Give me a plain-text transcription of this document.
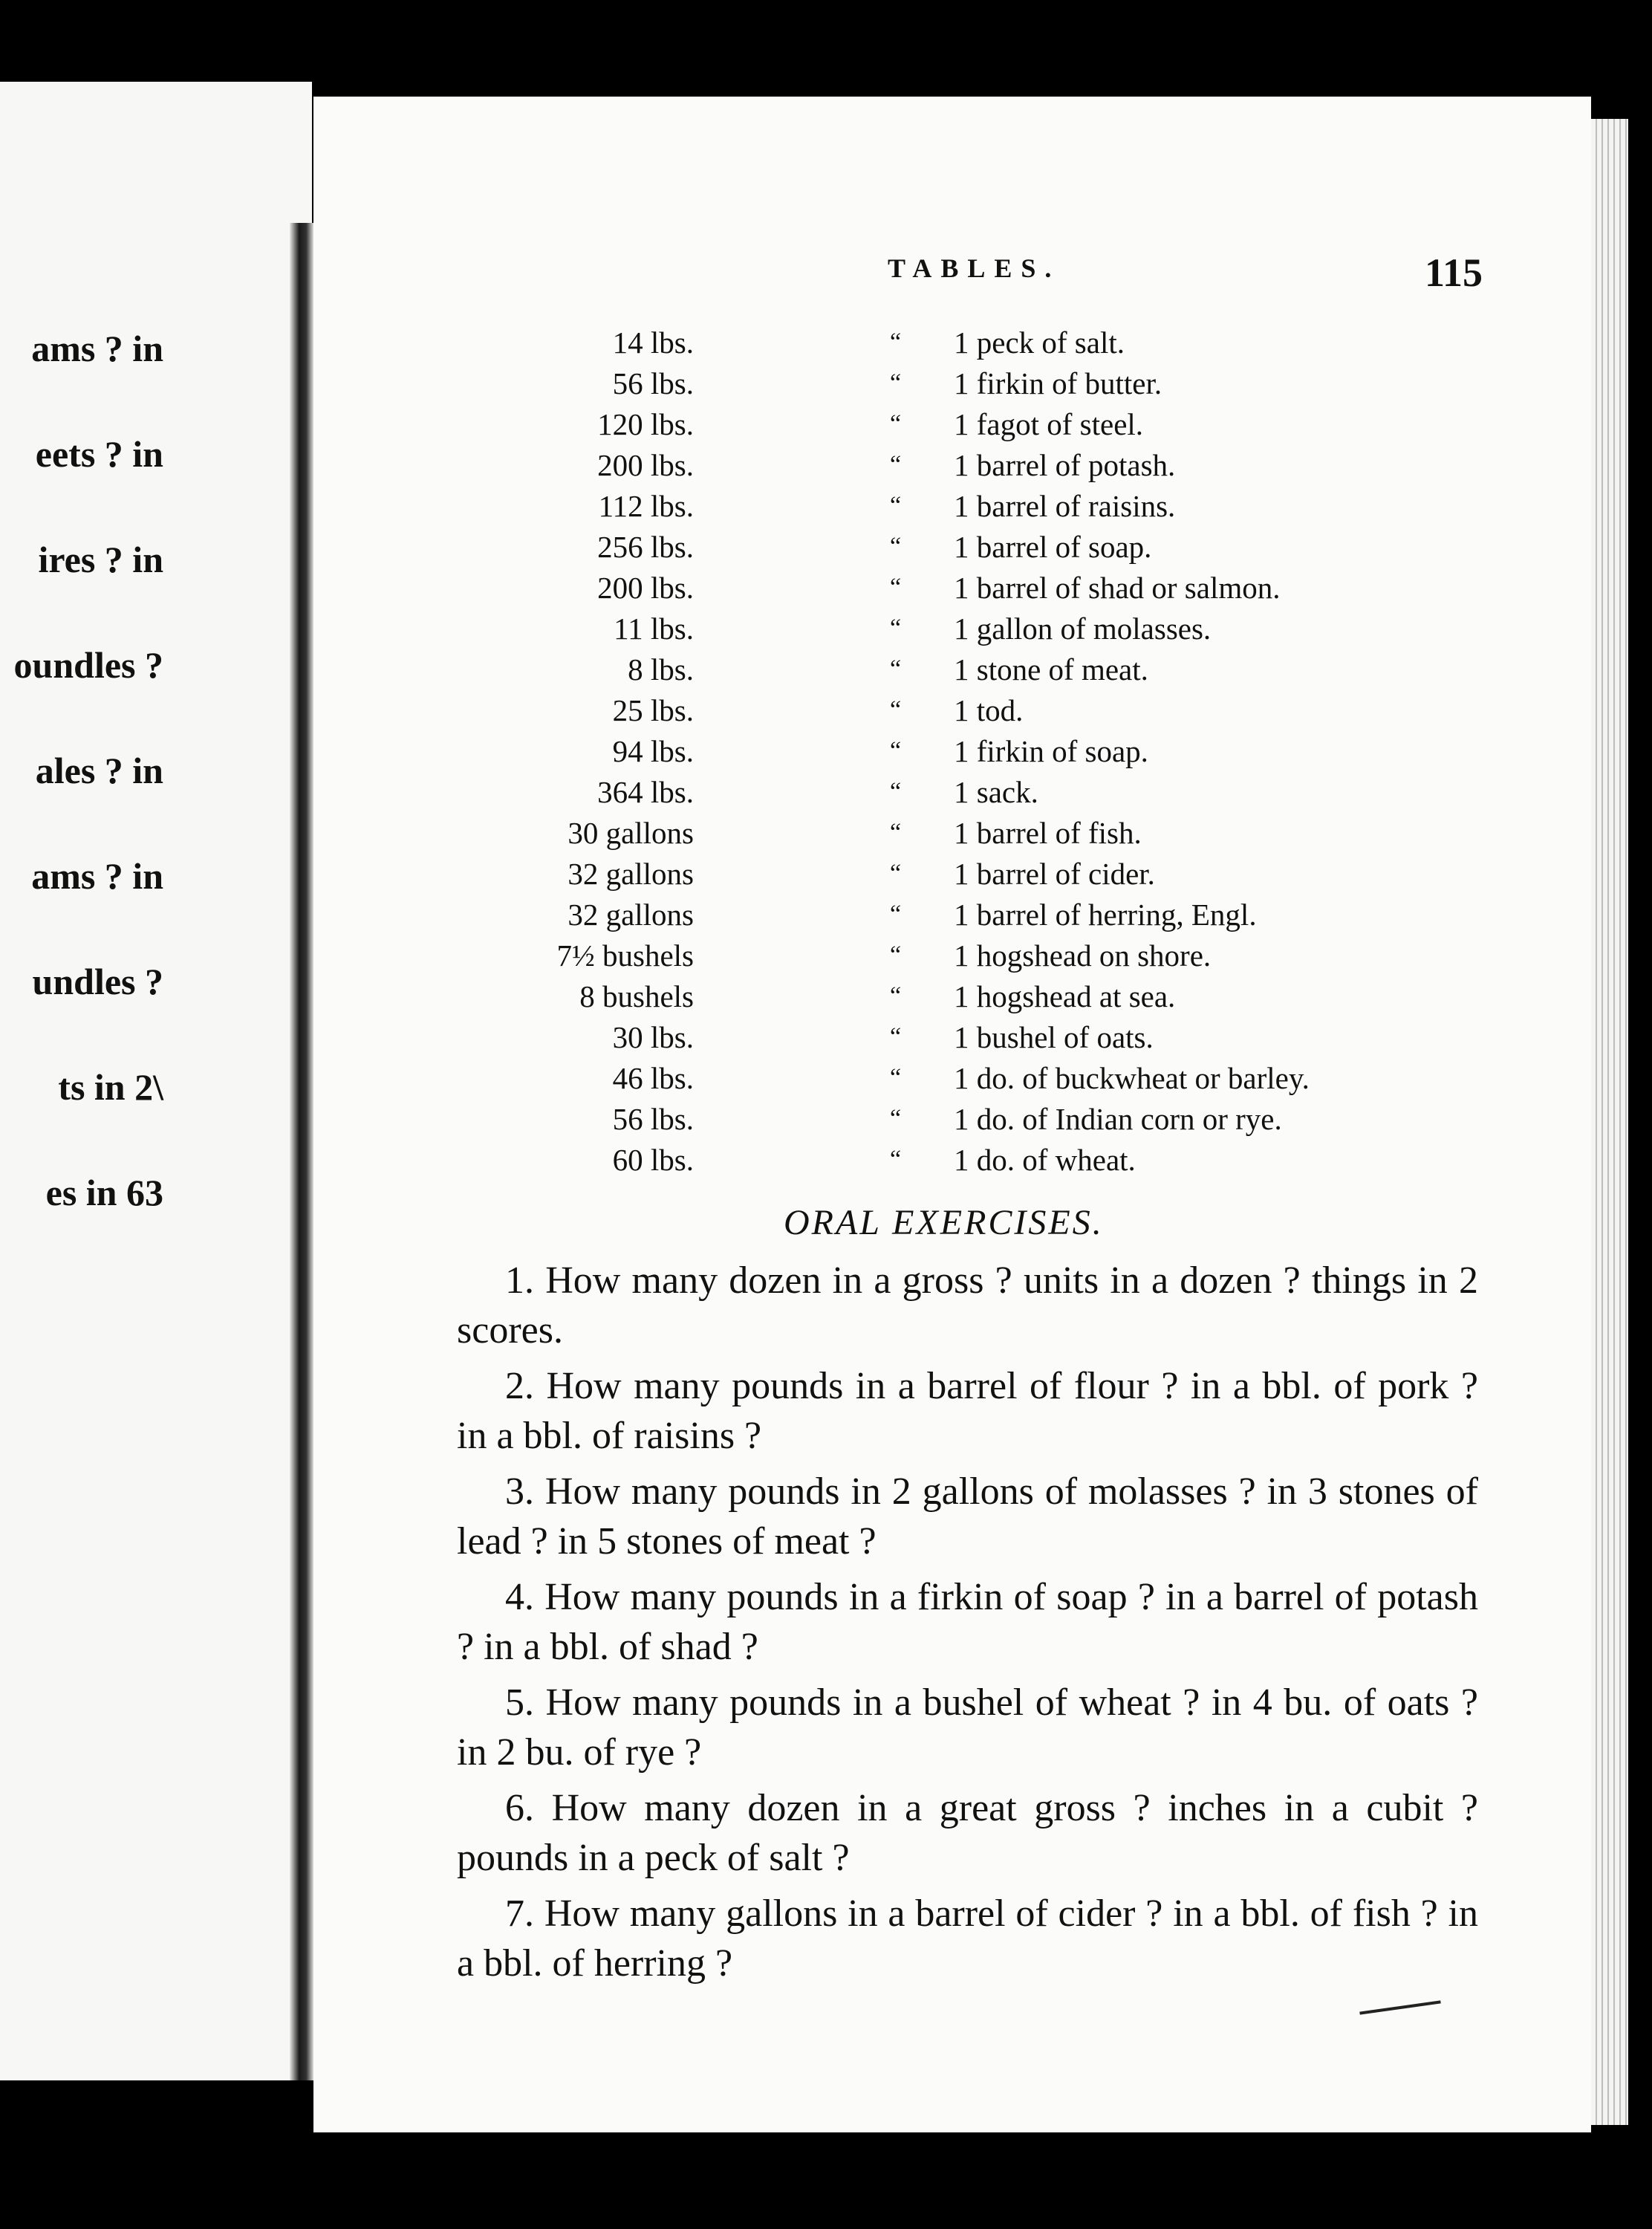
ams ? in
eets ? in
ires ? in
oundles ?
ales ? in
ams ? in
undles ?
ts in 2\
es in 63
TABLES.	115
14 lbs.	“ 1 peck of salt.
56 lbs.	“ 1 firkin of butter.
120 lbs.	“ 1 fagot of steel.
200 lbs.	“ 1 barrel of potash.
112 lbs.	“ 1 barrel of raisins.
256 lbs.	“ 1 barrel of soap.
200 lbs.	“ 1 barrel of shad or salmon.
11 lbs.	“ 1 gallon of molasses.
8 lbs.	“ 1 stone of meat.
25 lbs.	“ 1 tod.
94 lbs.	“ 1 firkin of soap.
364 lbs.	“ 1 sack.
30 gallons	“ 1 barrel of fish.
32 gallons	“ 1 barrel of cider.
32 gallons	“ 1 barrel of herring, Engl.
7½ bushels	“ 1 hogshead on shore.
8 bushels	“ 1 hogshead at sea.
30 lbs.	“ 1 bushel of oats.
46 lbs.	“ 1 do. of buckwheat or barley.
56 lbs.	“ 1 do. of Indian corn or rye.
60 lbs.	“ 1 do. of wheat.
ORAL EXERCISES.
1. How many dozen in a gross ? units in a dozen ? things in 2 scores.
2. How many pounds in a barrel of flour ? in a bbl. of pork ? in a bbl. of raisins ?
3. How many pounds in 2 gallons of molasses ? in 3 stones of lead ? in 5 stones of meat ?
4. How many pounds in a firkin of soap ? in a barrel of potash ? in a bbl. of shad ?
5. How many pounds in a bushel of wheat ? in 4 bu. of oats ? in 2 bu. of rye ?
6. How many dozen in a great gross ? inches in a cubit ? pounds in a peck of salt ?
7. How many gallons in a barrel of cider ? in a bbl. of fish ? in a bbl. of herring ?
